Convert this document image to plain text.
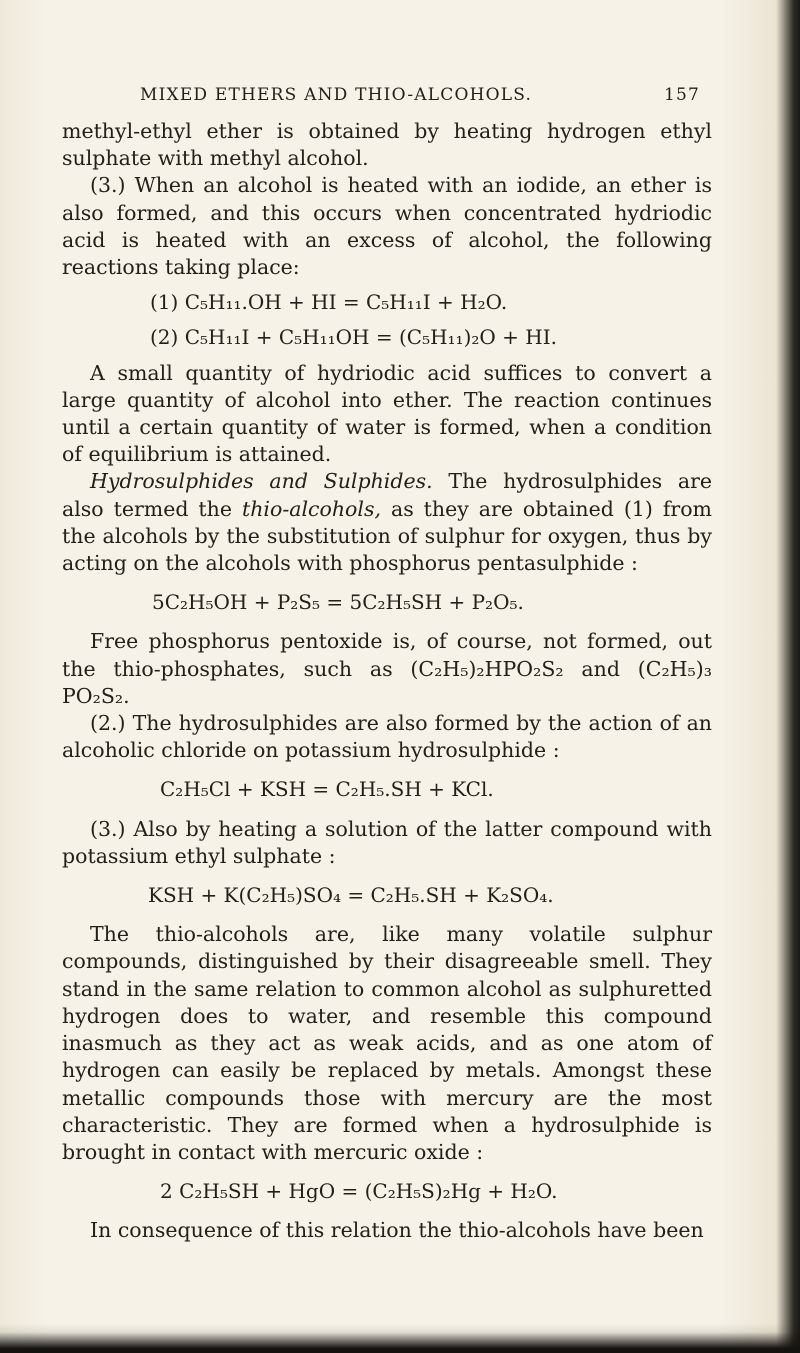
MIXED ETHERS AND THIO-ALCOHOLS.	157

methyl-ethyl ether is obtained by heating hydrogen ethyl sulphate with methyl alcohol.

(3.) When an alcohol is heated with an iodide, an ether is also formed, and this occurs when concentrated hydriodic acid is heated with an excess of alcohol, the following reactions taking place:

(1) C₅H₁₁.OH + HI = C₅H₁₁I + H₂O.

(2) C₅H₁₁I + C₅H₁₁OH = (C₅H₁₁)₂O + HI.

A small quantity of hydriodic acid suffices to convert a large quantity of alcohol into ether. The reaction continues until a certain quantity of water is formed, when a condition of equilibrium is attained.

Hydrosulphides and Sulphides. The hydrosulphides are also termed the thio-alcohols, as they are obtained (1) from the alcohols by the substitution of sulphur for oxygen, thus by acting on the alcohols with phosphorus pentasulphide :

5C₂H₅OH + P₂S₅ = 5C₂H₅SH + P₂O₅.

Free phosphorus pentoxide is, of course, not formed, out the thio-phosphates, such as (C₂H₅)₂HPO₂S₂ and (C₂H₅)₃ PO₂S₂.

(2.) The hydrosulphides are also formed by the action of an alcoholic chloride on potassium hydrosulphide :

C₂H₅Cl + KSH = C₂H₅.SH + KCl.

(3.) Also by heating a solution of the latter compound with potassium ethyl sulphate :

KSH + K(C₂H₅)SO₄ = C₂H₅.SH + K₂SO₄.

The thio-alcohols are, like many volatile sulphur compounds, distinguished by their disagreeable smell. They stand in the same relation to common alcohol as sulphuretted hydrogen does to water, and resemble this compound inasmuch as they act as weak acids, and as one atom of hydrogen can easily be replaced by metals. Amongst these metallic compounds those with mercury are the most characteristic. They are formed when a hydrosulphide is brought in contact with mercuric oxide :

2 C₂H₅SH + HgO = (C₂H₅S)₂Hg + H₂O.

In consequence of this relation the thio-alcohols have been
